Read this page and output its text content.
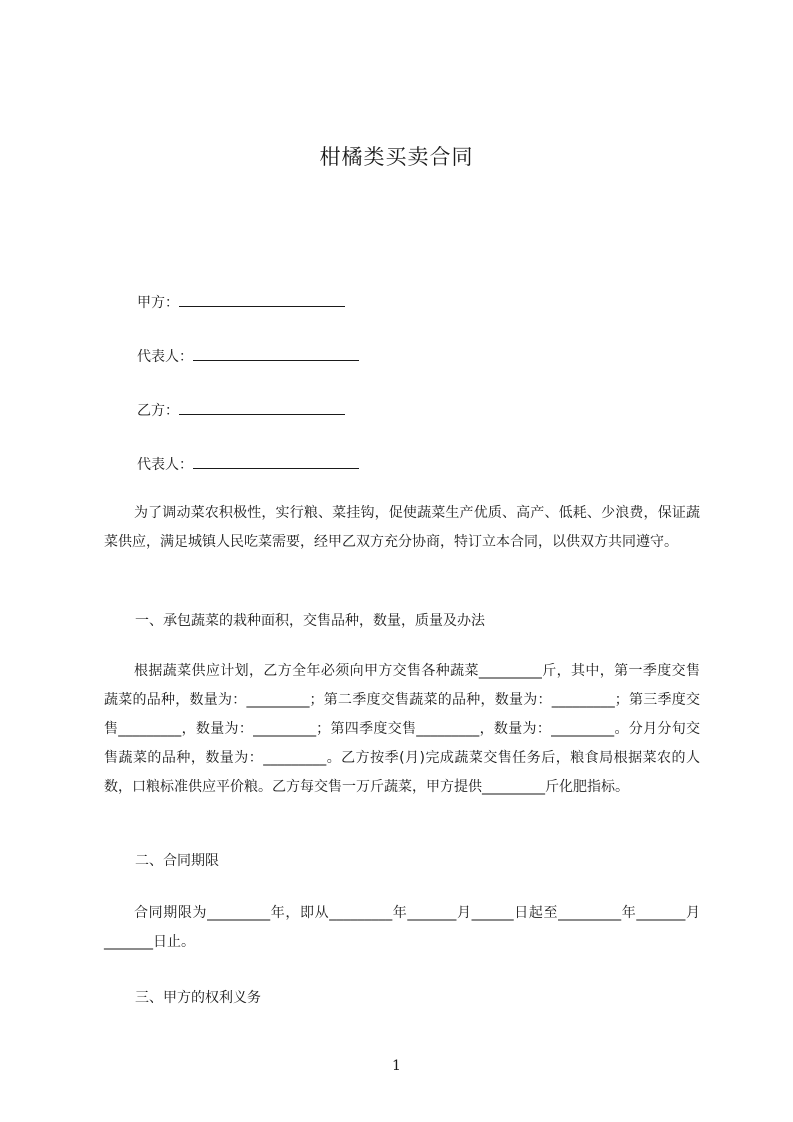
柑橘类买卖合同
甲方：
代表人：
乙方：
代表人：
为了调动菜农积极性，实行粮、菜挂钩，促使蔬菜生产优质、高产、低耗、少浪费，保证蔬菜供应，满足城镇人民吃菜需要，经甲乙双方充分协商，特订立本合同，以供双方共同遵守。
一、承包蔬菜的栽种面积，交售品种，数量，质量及办法
根据蔬菜供应计划，乙方全年必须向甲方交售各种蔬菜_________斤，其中，第一季度交售蔬菜的品种，数量为：_________；第二季度交售蔬菜的品种，数量为：_________；第三季度交售_________，数量为：_________；第四季度交售_________，数量为：_________。分月分旬交售蔬菜的品种，数量为：_________。乙方按季(月)完成蔬菜交售任务后，粮食局根据菜农的人数，口粮标准供应平价粮。乙方每交售一万斤蔬菜，甲方提供_________斤化肥指标。
二、合同期限
合同期限为_________年，即从_________年_______月______日起至_________年_______月_______日止。
三、甲方的权利义务
1
